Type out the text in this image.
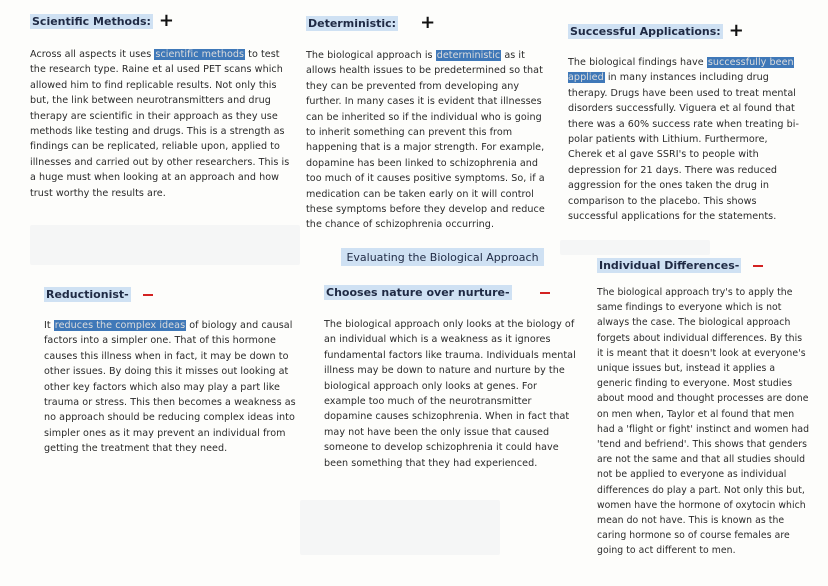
Scientific Methods: +
Across all aspects it uses scientific methods to test the research type. Raine et al used PET scans which allowed him to find replicable results. Not only this but, the link between neurotransmitters and drug therapy are scientific in their approach as they use methods like testing and drugs. This is a strength as findings can be replicated, reliable upon, applied to illnesses and carried out by other researchers. This is a huge must when looking at an approach and how trust worthy the results are.
Deterministic: +
The biological approach is deterministic as it allows health issues to be predetermined so that they can be prevented from developing any further. In many cases it is evident that illnesses can be inherited so if the individual who is going to inherit something can prevent this from happening that is a major strength. For example, dopamine has been linked to schizophrenia and too much of it causes positive symptoms. So, if a medication can be taken early on it will control these symptoms before they develop and reduce the chance of schizophrenia occurring.
Successful Applications: +
The biological findings have successfully been applied in many instances including drug therapy. Drugs have been used to treat mental disorders successfully. Viguera et al found that there was a 60% success rate when treating bi-polar patients with Lithium. Furthermore, Cherek et al gave SSRI's to people with depression for 21 days. There was reduced aggression for the ones taken the drug in comparison to the placebo. This shows successful applications for the statements.
Evaluating the Biological Approach
Reductionist-
It reduces the complex ideas of biology and causal factors into a simpler one. That of this hormone causes this illness when in fact, it may be down to other issues. By doing this it misses out looking at other key factors which also may play a part like trauma or stress. This then becomes a weakness as no approach should be reducing complex ideas into simpler ones as it may prevent an individual from getting the treatment that they need.
Chooses nature over nurture-
The biological approach only looks at the biology of an individual which is a weakness as it ignores fundamental factors like trauma. Individuals mental illness may be down to nature and nurture by the biological approach only looks at genes. For example too much of the neurotransmitter dopamine causes schizophrenia. When in fact that may not have been the only issue that caused someone to develop schizophrenia it could have been something that they had experienced.
Individual Differences-
The biological approach try's to apply the same findings to everyone which is not always the case. The biological approach forgets about individual differences. By this it is meant that it doesn't look at everyone's unique issues but, instead it applies a generic finding to everyone. Most studies about mood and thought processes are done on men when, Taylor et al found that men had a 'flight or fight' instinct and women had 'tend and befriend'. This shows that genders are not the same and that all studies should not be applied to everyone as individual differences do play a part. Not only this but, women have the hormone of oxytocin which mean do not have. This is known as the caring hormone so of course females are going to act different to men.
